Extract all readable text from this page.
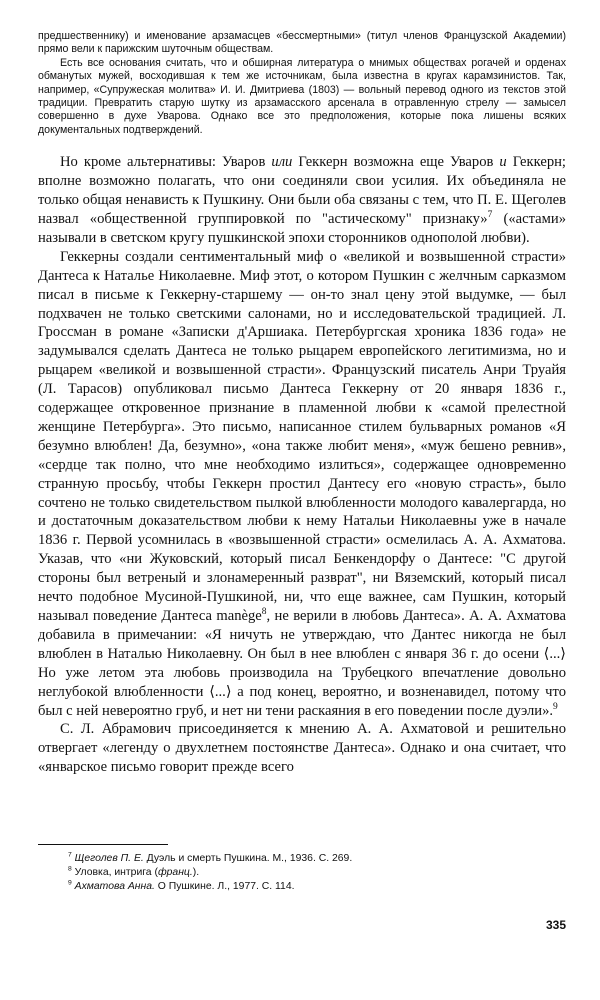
предшественнику) и именование арзамасцев «бессмертными» (титул членов Французской Академии) прямо вели к парижским шуточным обществам.

Есть все основания считать, что и обширная литература о мнимых обществах рогачей и орденах обманутых мужей, восходившая к тем же источникам, была известна в кругах карамзинистов. Так, например, «Супружеская молитва» И. И. Дмитриева (1803) — вольный перевод одного из текстов этой традиции. Превратить старую шутку из арзамасского арсенала в отравленную стрелу — замысел совершенно в духе Уварова. Однако все это предположения, которые пока лишены всяких документальных подтверждений.

Но кроме альтернативы: Уваров или Геккерн возможна еще Уваров и Геккерн; вполне возможно полагать, что они соединяли свои усилия. Их объединяла не только общая ненависть к Пушкину. Они были оба связаны с тем, что П. Е. Щеголев назвал «общественной группировкой по "астическому" признаку»$^7$ («астами» называли в светском кругу пушкинской эпохи сторонников однополой любви).

Геккерны создали сентиментальный миф о «великой и возвышенной страсти» Дантеса к Наталье Николаевне. Миф этот, о котором Пушкин с желчным сарказмом писал в письме к Геккерну-старшему — он-то знал цену этой выдумке, — был подхвачен не только светскими салонами, но и исследовательской традицией. Л. Гроссман в романе «Записки д'Аршиака. Петербургская хроника 1836 года» не задумывался сделать Дантеса не только рыцарем европейского легитимизма, но и рыцарем «великой и возвышенной страсти». Французский писатель Анри Труайя (Л. Тарасов) опубликовал письмо Дантеса Геккерну от 20 января 1836 г., содержащее откровенное признание в пламенной любви к «самой прелестной женщине Петербурга». Это письмо, написанное стилем бульварных романов «Я безумно влюблен! Да, безумно», «она также любит меня», «муж бешено ревнив», «сердце так полно, что мне необходимо излиться», содержащее одновременно странную просьбу, чтобы Геккерн простил Дантесу его «новую страсть», было сочтено не только свидетельством пылкой влюбленности молодого кавалергарда, но и достаточным доказательством любви к нему Натальи Николаевны уже в начале 1836 г. Первой усомнилась в «возвышенной страсти» осмелилась А. А. Ахматова. Указав, что «ни Жуковский, который писал Бенкендорфу о Дантесе: "С другой стороны был ветреный и злонамеренный разврат", ни Вяземский, который писал нечто подобное Мусиной-Пушкиной, ни, что еще важнее, сам Пушкин, который называл поведение Дантеса manège$^8$, не верили в любовь Дантеса». А. А. Ахматова добавила в примечании: «Я ничуть не утверждаю, что Дантес никогда не был влюблен в Наталью Николаевну. Он был в нее влюблен с января 36 г. до осени ⟨...⟩ Но уже летом эта любовь производила на Трубецкого впечатление довольно неглубокой влюбленности ⟨...⟩ а под конец, вероятно, и возненавидел, потому что был с ней невероятно груб, и нет ни тени раскаяния в его поведении после дуэли».$^9$

С. Л. Абрамович присоединяется к мнению А. А. Ахматовой и решительно отвергает «легенду о двухлетнем постоянстве Дантеса». Однако и она считает, что «январское письмо говорит прежде всего

$^7$ Щеголев П. Е. Дуэль и смерть Пушкина. М., 1936. С. 269.

$^8$ Уловка, интрига (франц.).

$^9$ Ахматова Анна. О Пушкине. Л., 1977. С. 114.

335
